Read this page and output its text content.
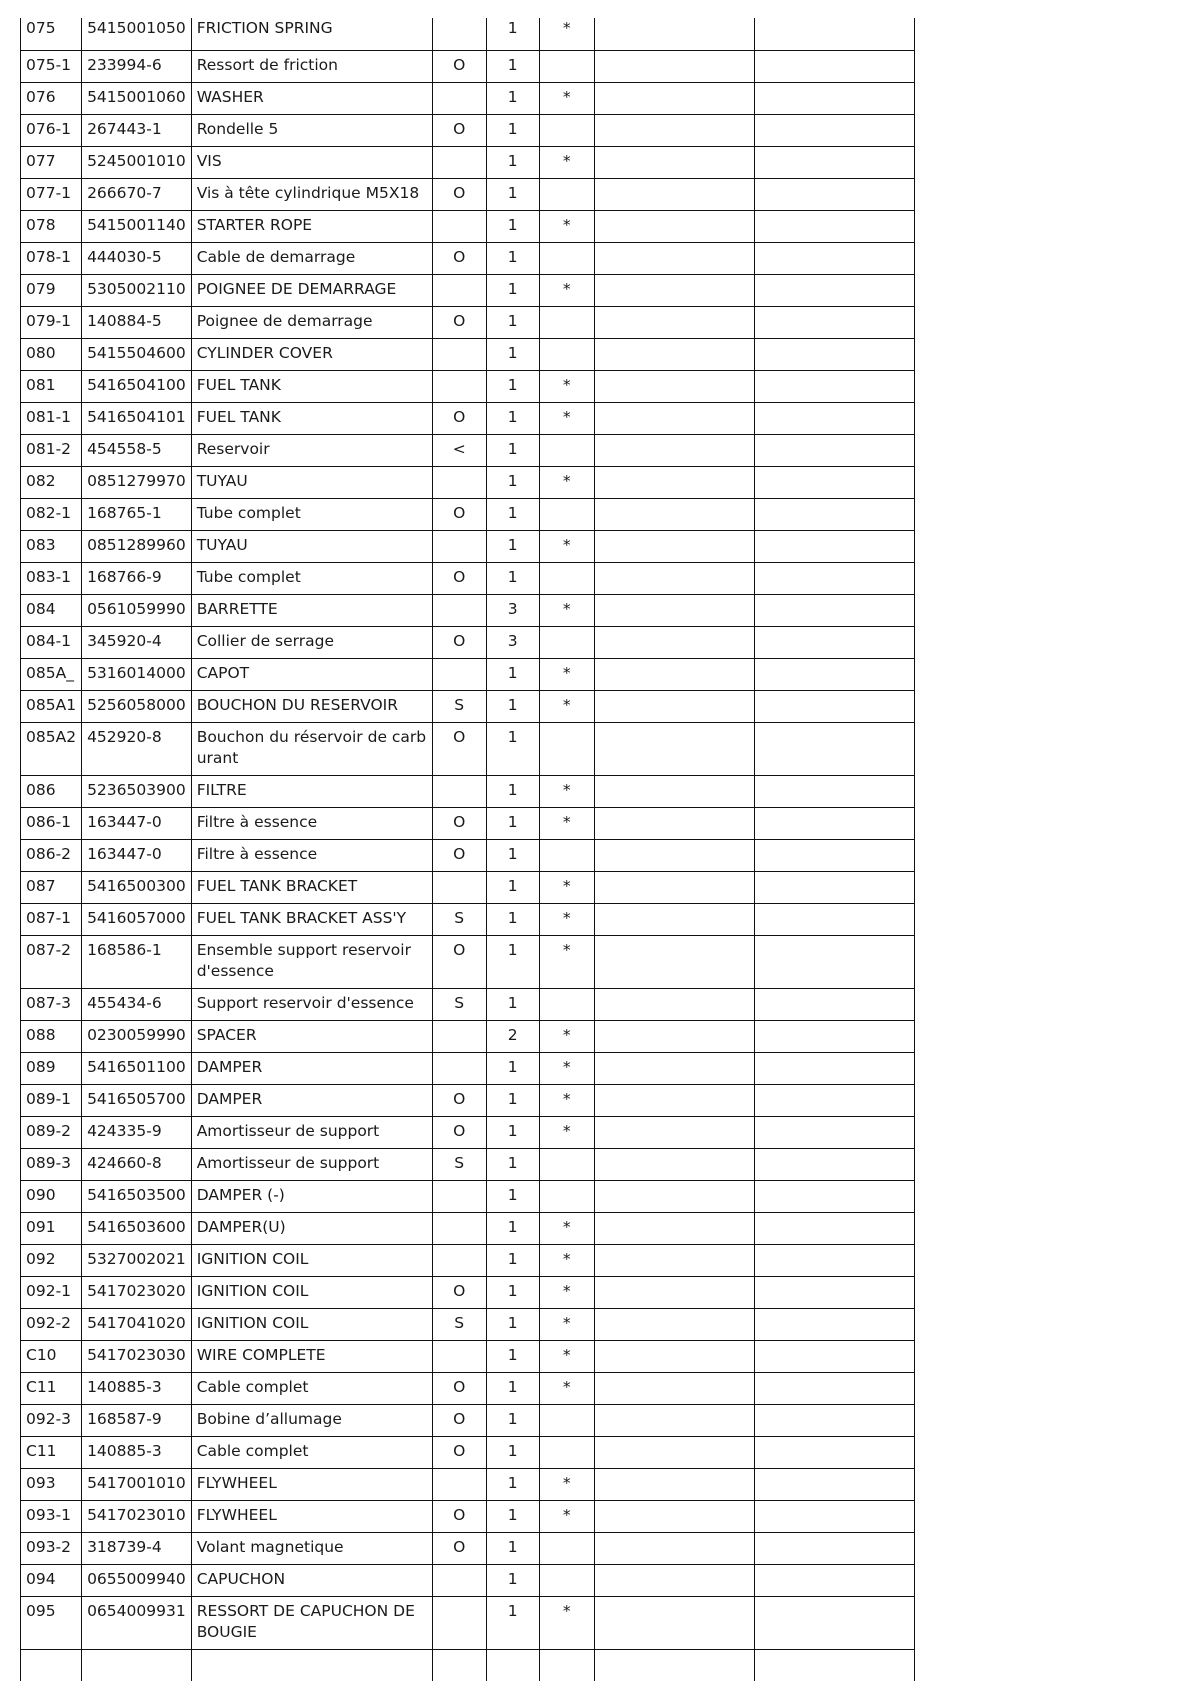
075	5415001050	FRICTION SPRING		1	*		

075-1	233994-6	Ressort de friction	O	1			

076	5415001060	WASHER		1	*		

076-1	267443-1	Rondelle 5	O	1			

077	5245001010	VIS		1	*		

077-1	266670-7	Vis à tête cylindrique M5X18	O	1			

078	5415001140	STARTER ROPE		1	*		

078-1	444030-5	Cable de demarrage	O	1			

079	5305002110	POIGNEE DE DEMARRAGE		1	*		

079-1	140884-5	Poignee de demarrage	O	1			

080	5415504600	CYLINDER COVER		1			

081	5416504100	FUEL TANK		1	*		

081-1	5416504101	FUEL TANK	O	1	*		

081-2	454558-5	Reservoir	<	1			

082	0851279970	TUYAU		1	*		

082-1	168765-1	Tube complet	O	1			

083	0851289960	TUYAU		1	*		

083-1	168766-9	Tube complet	O	1			

084	0561059990	BARRETTE		3	*		

084-1	345920-4	Collier de serrage	O	3			

085A_	5316014000	CAPOT		1	*		

085A1	5256058000	BOUCHON DU RESERVOIR	S	1	*		

085A2	452920-8	Bouchon du réservoir de carburant	O	1			

086	5236503900	FILTRE		1	*		

086-1	163447-0	Filtre à essence	O	1	*		

086-2	163447-0	Filtre à essence	O	1			

087	5416500300	FUEL TANK BRACKET		1	*		

087-1	5416057000	FUEL TANK BRACKET ASS'Y	S	1	*		

087-2	168586-1	Ensemble support reservoir d'essence	O	1	*		

087-3	455434-6	Support reservoir d'essence	S	1			

088	0230059990	SPACER		2	*		

089	5416501100	DAMPER		1	*		

089-1	5416505700	DAMPER	O	1	*		

089-2	424335-9	Amortisseur de support	O	1	*		

089-3	424660-8	Amortisseur de support	S	1			

090	5416503500	DAMPER (-)		1			

091	5416503600	DAMPER(U)		1	*		

092	5327002021	IGNITION COIL		1	*		

092-1	5417023020	IGNITION COIL	O	1	*		

092-2	5417041020	IGNITION COIL	S	1	*		

C10	5417023030	WIRE COMPLETE		1	*		

C11	140885-3	Cable complet	O	1	*		

092-3	168587-9	Bobine d’allumage	O	1			

C11	140885-3	Cable complet	O	1			

093	5417001010	FLYWHEEL		1	*		

093-1	5417023010	FLYWHEEL	O	1	*		

093-2	318739-4	Volant magnetique	O	1			

094	0655009940	CAPUCHON		1			

095	0654009931	RESSORT DE CAPUCHON DE BOUGIE		1	*		
